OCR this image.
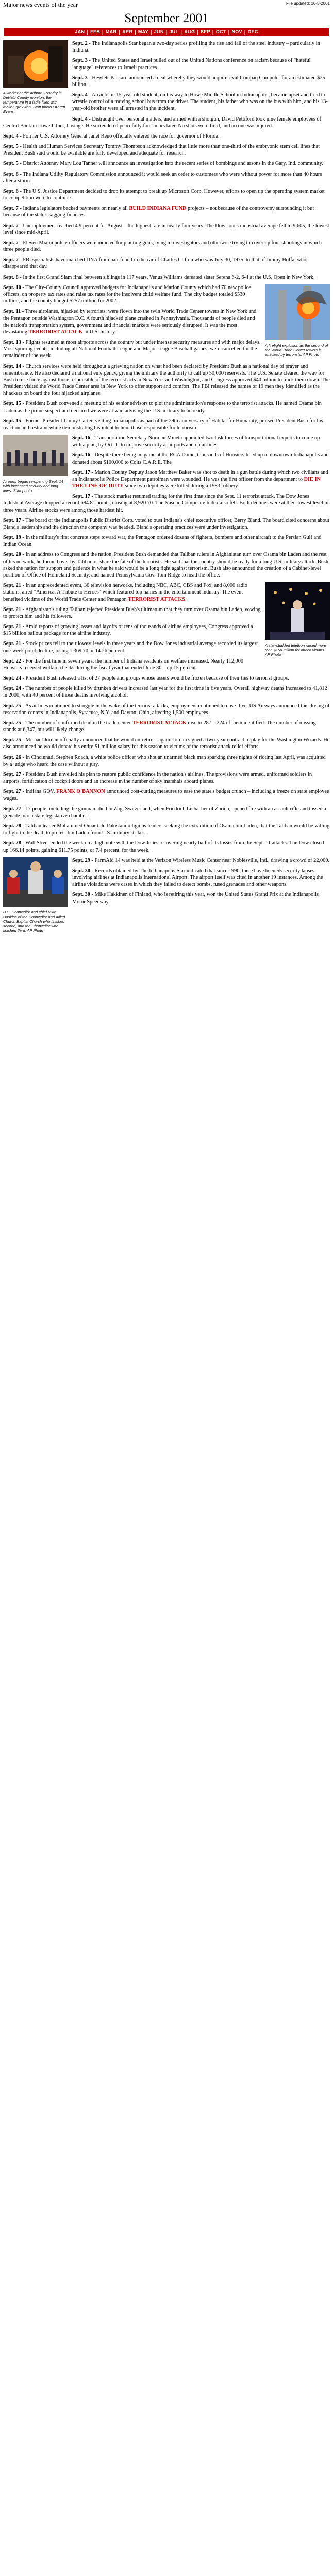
Major news events of the year	File updated: 10-5-2001
September 2001
JAN | FEB | MAR | APR | MAY | JUN | JUL | AUG | SEP | OCT | NOV | DEC
A worker at the Auburn Foundry in DeKalb County monitors the temperature in a ladle filled with molten gray iron. Staff photo / Karen Evans

Sept. 2 - The Indianapolis Star began a two-day series profiling the rise and fall of the steel industry – particularly in Indiana.

Sept. 3 - The United States and Israel pulled out of the United Nations conference on racism because of "hateful language" references to Israeli practices.

Sept. 3 - Hewlett-Packard announced a deal whereby they would acquire rival Compaq Computer for an estimated $25 billion.

Sept. 4 - An autistic 15-year-old student, on his way to Howe Middle School in Indianapolis, became upset and tried to wrestle control of a moving school bus from the driver. The student, his father who was on the bus with him, and his 13-year-old brother were all arrested in the incident.

Sept. 4 - Distraught over personal matters, and armed with a shotgun, David Pettiford took nine female employees of Central Bank in Lowell, Ind., hostage. He surrendered peacefully four hours later. No shots were fired, and no one was injured.

Sept. 4 - Former U.S. Attorney General Janet Reno officially entered the race for governor of Florida.

Sept. 5 - Health and Human Services Secretary Tommy Thompson acknowledged that little more than one-third of the embryonic stem cell lines that President Bush said would be available are fully developed and adequate for research.

Sept. 5 - District Attorney Mary Lou Tanner will announce an investigation into the recent series of bombings and arsons in the Gary, Ind. community.

Sept. 6 - The Indiana Utility Regulatory Commission announced it would seek an order to customers who were without power for more than 40 hours after a storm.

Sept. 6 - The U.S. Justice Department decided to drop its attempt to break up Microsoft Corp. However, efforts to open up the operating system market to competition were to continue.

Sept. 7 - Indiana legislators backed payments on nearly all BUILD INDIANA FUND projects – not because of the controversy surrounding it but because of the state's sagging finances.

Sept. 7 - Unemployment reached 4.9 percent for August – the highest rate in nearly four years. The Dow Jones industrial average fell to 9,605, the lowest level since mid-April.

Sept. 7 - Eleven Miami police officers were indicted for planting guns, lying to investigators and otherwise trying to cover up four shootings in which three people died.

Sept. 7 - FBI specialists have matched DNA from hair found in the car of Charles Clifton who was July 30, 1975, to that of Jimmy Hoffa, who disappeared that day.

Sept. 8 - In the first Grand Slam final between siblings in 117 years, Venus Williams defeated sister Serena 6-2, 6-4 at the U.S. Open in New York.

A firefight explosion as the second of the World Trade Center towers is attacked by terrorists. AP Photo

Sept. 10 - The City-County Council approved budgets for Indianapolis and Marion County which had 70 new police officers, on property tax rates and raise tax rates for the insolvent child welfare fund. The city budget totaled $530 million, and the county budget $257 million for 2002.

Sept. 11 - Three airplanes, hijacked by terrorists, were flown into the twin World Trade Center towers in New York and the Pentagon outside Washington D.C. A fourth hijacked plane crashed in Pennsylvania. Thousands of people died and the nation's transportation system, government and financial markets were seriously disrupted. It was the most devastating TERRORIST ATTACK in U.S. history.

Sept. 13 - Flights resumed at most airports across the country but under intense security measures and with major delays. Most sporting events, including all National Football League and Major League Baseball games, were cancelled for the remainder of the week.

Sept. 14 - Church services were held throughout a grieving nation on what had been declared by President Bush as a national day of prayer and remembrance. He also declared a national emergency, giving the military the authority to call up 50,000 reservists. The U.S. Senate cleared the way for Bush to use force against those responsible of the terrorist acts in New York and Washington, and Congress approved $40 billion to track them down. The President visited the World Trade Center area in New York to offer support and comfort. The FBI released the names of 19 men they identified as the hijackers on board the four hijacked airplanes.

Sept. 15 - President Bush convened a meeting of his senior advisors to plot the administration's response to the terrorist attacks. He named Osama bin Laden as the prime suspect and declared we were at war, advising the U.S. military to be ready.

Sept. 15 - Former President Jimmy Carter, visiting Indianapolis as part of the 29th anniversary of Habitat for Humanity, praised President Bush for his reaction and restraint while demonstrating his intent to hunt those responsible for terrorism.

Airports began re-opening Sept. 14 with increased security and long lines. Staff photo

Sept. 16 - Transportation Secretary Norman Mineta appointed two task forces of transportational experts to come up with a plan, by Oct. 1, to improve security at airports and on airlines.

Sept. 16 - Despite there being no game at the RCA Dome, thousands of Hoosiers lined up in downtown Indianapolis and donated about $100,000 to Colts C.A.R.E. The

Sept. 17 - Marion County Deputy Jason Matthew Baker was shot to death in a gun battle during which two civilians and an Indianapolis Police Department patrolman were wounded. He was the first officer from the department to DIE IN THE LINE-OF-DUTY since two deputies were killed during a 1983 robbery.

Sept. 17 - The stock market resumed trading for the first time since the Sept. 11 terrorist attack. The Dow Jones Industrial Average dropped a record 684.81 points, closing at 8,920.70. The Nasdaq Composite Index also fell. Both declines were at their lowest level in three years. Airline stocks were among those hardest hit.

Sept. 17 - The board of the Indianapolis Public District Corp. voted to oust Indiana's chief executive officer, Berry Bland. The board cited concerns about Bland's leadership and the direction the company was headed. Bland's operating practices were under investigation.

Sept. 19 - In the military's first concrete steps toward war, the Pentagon ordered dozens of fighters, bombers and other aircraft to the Persian Gulf and Indian Ocean.

Sept. 20 - In an address to Congress and the nation, President Bush demanded that Taliban rulers in Afghanistan turn over Osama bin Laden and the rest of his network, he formed over by Taliban or share the fate of the terrorists. He said that the country should be ready for a long U.S. military attack. Bush asked the nation for support and patience in what he said would be a long fight against terrorism. Bush also announced the creation of a Cabinet-level position of Office of Homeland Security, and named Pennsylvania Gov. Tom Ridge to head the office.

A star-studded telethon raised more than $150 million for attack victims. AP Photo

Sept. 21 - In an unprecedented event, 30 television networks, including NBC, ABC, CBS and Fox, and 8,000 radio stations, aired "America: A Tribute to Heroes" which featured top names in the entertainment industry. The event benefited victims of the World Trade Center and Pentagon TERRORIST ATTACKS.

Sept. 21 - Afghanistan's ruling Taliban rejected President Bush's ultimatum that they turn over Osama bin Laden, vowing to protect him and his followers.

Sept. 21 - Amid reports of growing losses and layoffs of tens of thousands of airline employees, Congress approved a $15 billion bailout package for the airline industry.

Sept. 21 - Stock prices fell to their lowest levels in three years and the Dow Jones industrial average recorded its largest one-week point decline, losing 1,369.70 or 14.26 percent.

Sept. 22 - For the first time in seven years, the number of Indiana residents on welfare increased. Nearly 112,000 Hoosiers received welfare checks during the fiscal year that ended June 30 – up 15 percent.

Sept. 24 - President Bush released a list of 27 people and groups whose assets would be frozen because of their ties to terrorist groups.

Sept. 24 - The number of people killed by drunken drivers increased last year for the first time in five years. Overall highway deaths increased to 41,812 in 2000, with 40 percent of those deaths involving alcohol.

Sept. 25 - As airlines continued to struggle in the wake of the terrorist attacks, employment continued to nose-dive. US Airways announced the closing of reservation centers in Indianapolis, Syracuse, N.Y. and Dayton, Ohio, affecting 1,500 employees.

Sept. 25 - The number of confirmed dead in the trade center TERRORIST ATTACK rose to 287 – 224 of them identified. The number of missing stands at 6,347, but will likely change.

Sept. 25 - Michael Jordan officially announced that he would un-retire – again. Jordan signed a two-year contract to play for the Washington Wizards. He also announced he would donate his entire $1 million salary for this season to victims of the terrorist attack relief efforts.

Sept. 26 - In Cincinnati, Stephen Roach, a white police officer who shot an unarmed black man sparking three nights of rioting last April, was acquitted by a judge who heard the case without a jury.

Sept. 27 - President Bush unveiled his plan to restore public confidence in the nation's airlines. The provisions were armed, uniformed soldiers in airports, fortification of cockpit doors and an increase in the number of sky marshals aboard planes.

Sept. 27 - Indiana GOV. FRANK O'BANNON announced cost-cutting measures to ease the state's budget crunch – including a freeze on state employee wages.

Sept. 27 - 17 people, including the gunman, died in Zug, Switzerland, when Friedrich Leibacher of Zurich, opened fire with an assault rifle and tossed a grenade into a state legislative chamber.

Sept. 28 - Taliban leader Mohammed Omar told Pakistani religious leaders seeking the extradition of Osama bin Laden, that the Taliban would be willing to fight to the death to protect bin Laden from U.S. military strikes.

Sept. 28 - Wall Street ended the week on a high note with the Dow Jones recovering nearly half of its losses from the Sept. 11 attacks. The Dow closed up 166.14 points, gaining 611.75 points, or 7.4 percent, for the week.

U.S. Chancellor and chief Mike Haskins of the Chancellor and Allied Church Baptist Church who finished second, and the Chancellor who finished third. AP Photo

Sept. 29 - FarmAid 14 was held at the Verizon Wireless Music Center near Noblesville, Ind., drawing a crowd of 22,000.

Sept. 30 - Records obtained by The Indianapolis Star indicated that since 1990, there have been 55 security lapses involving airlines at Indianapolis International Airport. The airport itself was cited in another 19 instances. Among the airline violations were cases in which they failed to detect bombs, fused grenades and other weapons.

Sept. 30 - Mike Hakkinen of Finland, who is retiring this year, won the United States Grand Prix at the Indianapolis Motor Speedway.
